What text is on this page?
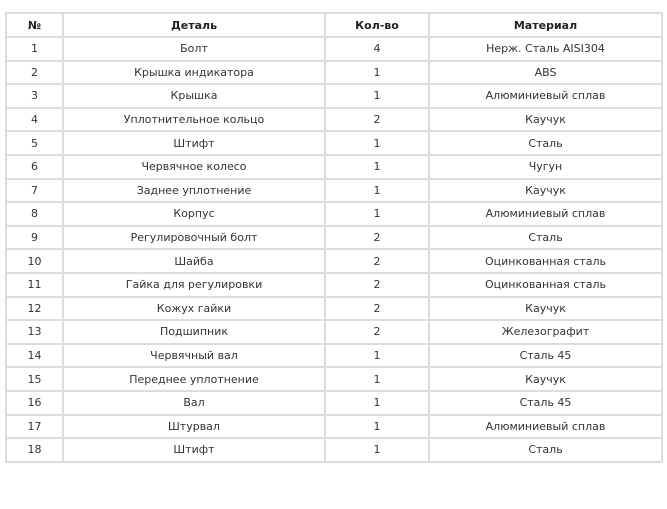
№	Деталь	Кол-во	Материал
1	Болт	4	Нерж. Сталь AISI304
2	Крышка индикатора	1	ABS
3	Крышка	1	Алюминиевый сплав
4	Уплотнительное кольцо	2	Каучук
5	Штифт	1	Сталь
6	Червячное колесо	1	Чугун
7	Заднее уплотнение	1	Каучук
8	Корпус	1	Алюминиевый сплав
9	Регулировочный болт	2	Сталь
10	Шайба	2	Оцинкованная сталь
11	Гайка для регулировки	2	Оцинкованная сталь
12	Кожух гайки	2	Каучук
13	Подшипник	2	Железографит
14	Червячный вал	1	Сталь 45
15	Переднее уплотнение	1	Каучук
16	Вал	1	Сталь 45
17	Штурвал	1	Алюминиевый сплав
18	Штифт	1	Сталь
